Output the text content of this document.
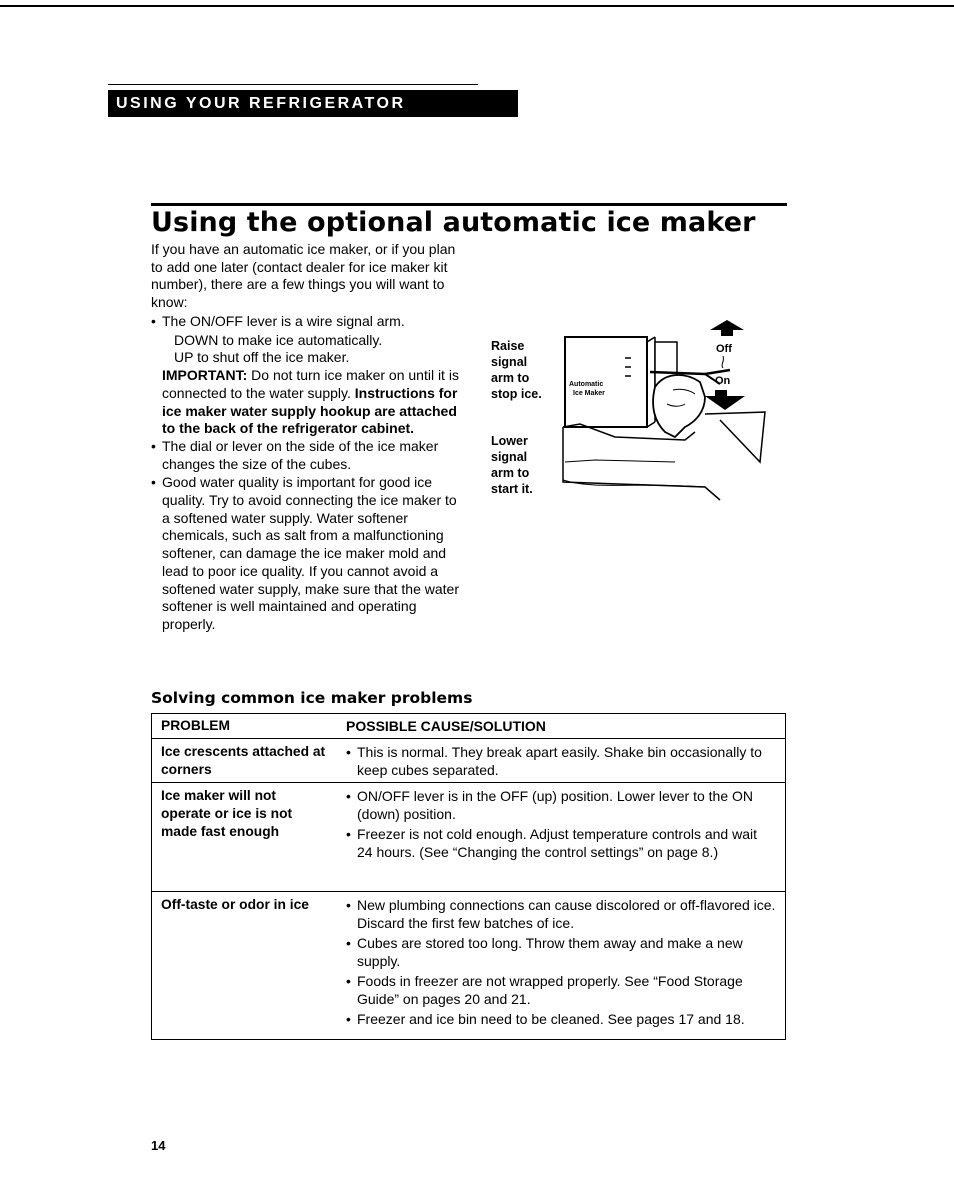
USING YOUR REFRIGERATOR
Using the optional automatic ice maker

If you have an automatic ice maker, or if you plan to add one later (contact dealer for ice maker kit number), there are a few things you will want to know:

• The ON/OFF lever is a wire signal arm.
DOWN to make ice automatically.
UP to shut off the ice maker.
IMPORTANT: Do not turn ice maker on until it is connected to the water supply. Instructions for ice maker water supply hookup are attached to the back of the refrigerator cabinet.
• The dial or lever on the side of the ice maker changes the size of the cubes.
• Good water quality is important for good ice quality. Try to avoid connecting the ice maker to a softened water supply. Water softener chemicals, such as salt from a malfunctioning softener, can damage the ice maker mold and lead to poor ice quality. If you cannot avoid a softened water supply, make sure that the water softener is well maintained and operating properly.
Raise signal arm to stop ice.
Lower signal arm to start it.
Automatic
Ice Maker
Off
On
Solving common ice maker problems
PROBLEM	POSSIBLE CAUSE/SOLUTION
Ice crescents attached at corners
• This is normal. They break apart easily. Shake bin occasionally to keep cubes separated.
Ice maker will not operate or ice is not made fast enough
• ON/OFF lever is in the OFF (up) position. Lower lever to the ON (down) position.
• Freezer is not cold enough. Adjust temperature controls and wait 24 hours. (See “Changing the control settings” on page 8.)
Off-taste or odor in ice
•	New plumbing connections can cause discolored or off-flavored ice. Discard the first few batches of ice.
• Cubes are stored too long. Throw them away and make a new supply.
• Foods in freezer are not wrapped properly. See “Food Storage Guide” on pages 20 and 21.
• Freezer and ice bin need to be cleaned. See pages 17 and 18.
14
